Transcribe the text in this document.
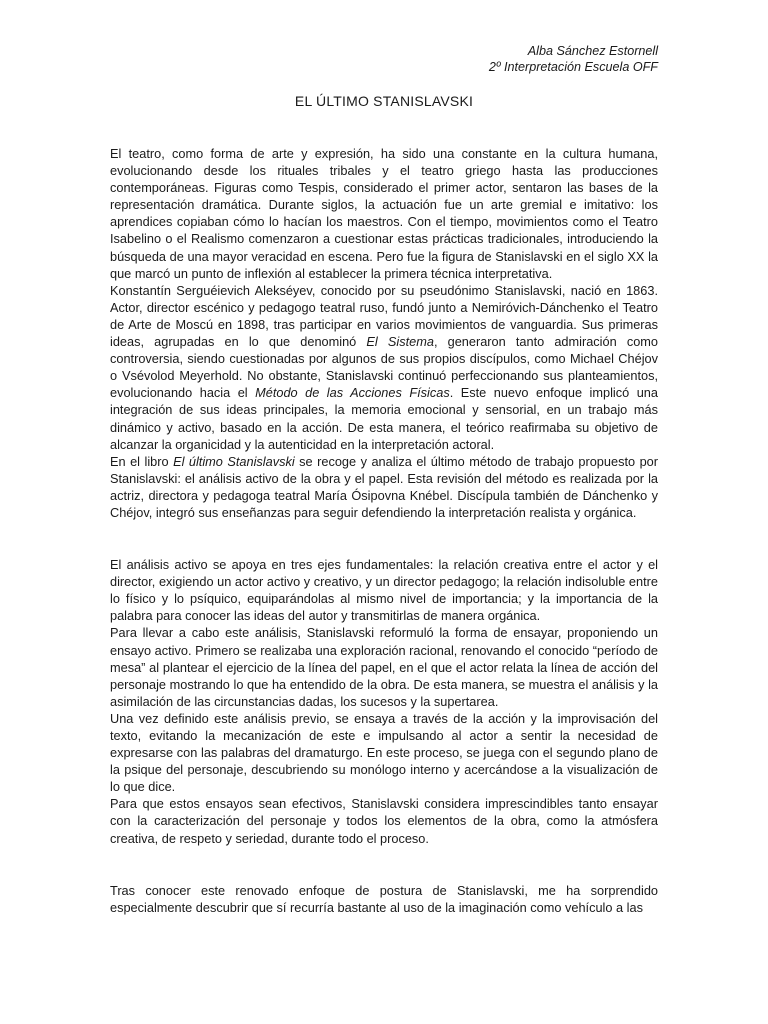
Alba Sánchez Estornell
2º Interpretación Escuela OFF
EL ÚLTIMO STANISLAVSKI

El teatro, como forma de arte y expresión, ha sido una constante en la cultura humana, evolucionando desde los rituales tribales y el teatro griego hasta las producciones contemporáneas. Figuras como Tespis, considerado el primer actor, sentaron las bases de la representación dramática. Durante siglos, la actuación fue un arte gremial e imitativo: los aprendices copiaban cómo lo hacían los maestros. Con el tiempo, movimientos como el Teatro Isabelino o el Realismo comenzaron a cuestionar estas prácticas tradicionales, introduciendo la búsqueda de una mayor veracidad en escena. Pero fue la figura de Stanislavski en el siglo XX la que marcó un punto de inflexión al establecer la primera técnica interpretativa.

Konstantín Serguéievich Alekséyev, conocido por su pseudónimo Stanislavski, nació en 1863. Actor, director escénico y pedagogo teatral ruso, fundó junto a Nemiróvich-Dánchenko el Teatro de Arte de Moscú en 1898, tras participar en varios movimientos de vanguardia. Sus primeras ideas, agrupadas en lo que denominó El Sistema, generaron tanto admiración como controversia, siendo cuestionadas por algunos de sus propios discípulos, como Michael Chéjov o Vsévolod Meyerhold. No obstante, Stanislavski continuó perfeccionando sus planteamientos, evolucionando hacia el Método de las Acciones Físicas. Este nuevo enfoque implicó una integración de sus ideas principales, la memoria emocional y sensorial, en un trabajo más dinámico y activo, basado en la acción. De esta manera, el teórico reafirmaba su objetivo de alcanzar la organicidad y la autenticidad en la interpretación actoral.

En el libro El último Stanislavski se recoge y analiza el último método de trabajo propuesto por Stanislavski: el análisis activo de la obra y el papel. Esta revisión del método es realizada por la actriz, directora y pedagoga teatral María Ósipovna Knébel. Discípula también de Dánchenko y Chéjov, integró sus enseñanzas para seguir defendiendo la interpretación realista y orgánica.

El análisis activo se apoya en tres ejes fundamentales: la relación creativa entre el actor y el director, exigiendo un actor activo y creativo, y un director pedagogo; la relación indisoluble entre lo físico y lo psíquico, equiparándolas al mismo nivel de importancia; y la importancia de la palabra para conocer las ideas del autor y transmitirlas de manera orgánica.

Para llevar a cabo este análisis, Stanislavski reformuló la forma de ensayar, proponiendo un ensayo activo. Primero se realizaba una exploración racional, renovando el conocido “período de mesa” al plantear el ejercicio de la línea del papel, en el que el actor relata la línea de acción del personaje mostrando lo que ha entendido de la obra. De esta manera, se muestra el análisis y la asimilación de las circunstancias dadas, los sucesos y la supertarea.

Una vez definido este análisis previo, se ensaya a través de la acción y la improvisación del texto, evitando la mecanización de este e impulsando al actor a sentir la necesidad de expresarse con las palabras del dramaturgo. En este proceso, se juega con el segundo plano de la psique del personaje, descubriendo su monólogo interno y acercándose a la visualización de lo que dice.

Para que estos ensayos sean efectivos, Stanislavski considera imprescindibles tanto ensayar con la caracterización del personaje y todos los elementos de la obra, como la atmósfera creativa, de respeto y seriedad, durante todo el proceso.

Tras conocer este renovado enfoque de postura de Stanislavski, me ha sorprendido especialmente descubrir que sí recurría bastante al uso de la imaginación como vehículo a las
